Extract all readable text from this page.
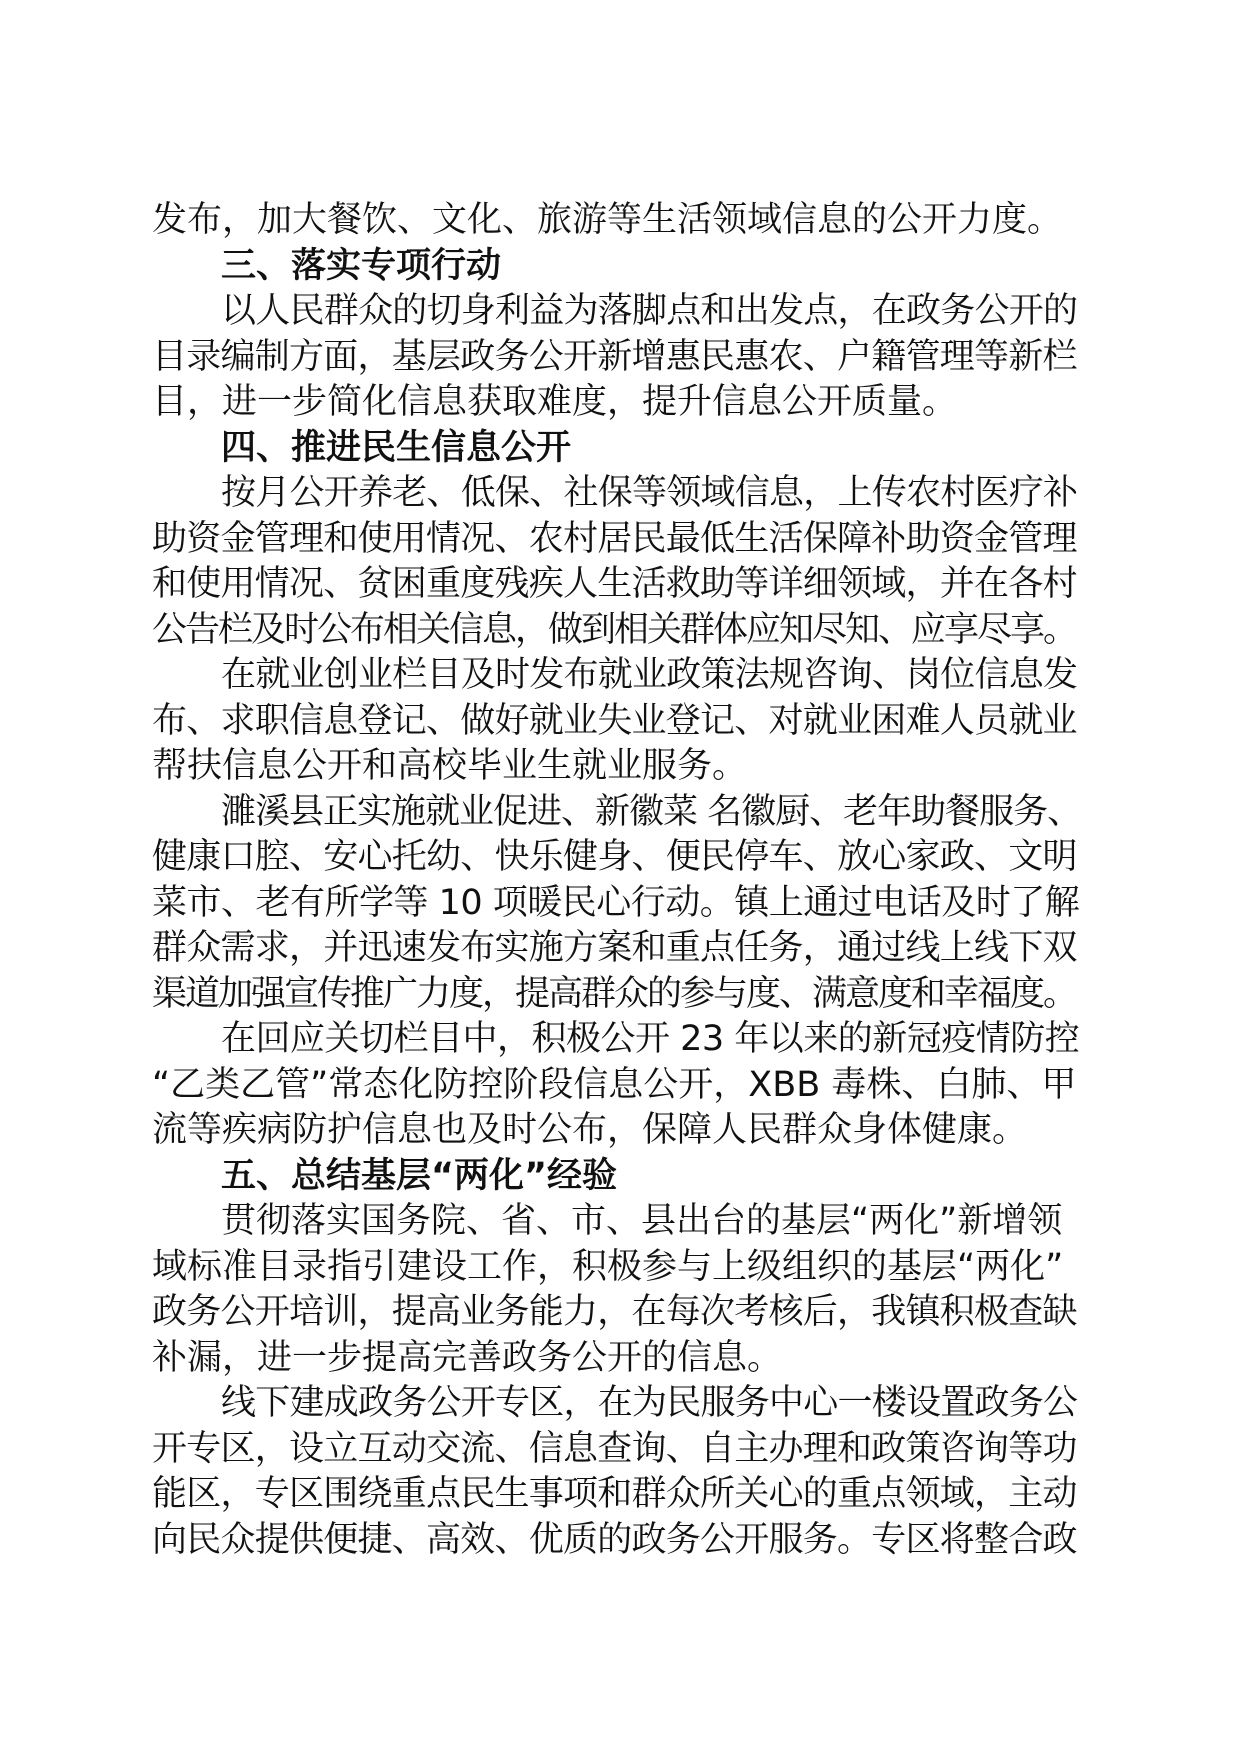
发布，加大餐饮、文化、旅游等生活领域信息的公开力度。
三、落实专项行动
以人民群众的切身利益为落脚点和出发点，在政务公开的
目录编制方面，基层政务公开新增惠民惠农、户籍管理等新栏
目，进一步简化信息获取难度，提升信息公开质量。
四、推进民生信息公开
按月公开养老、低保、社保等领域信息，上传农村医疗补
助资金管理和使用情况、农村居民最低生活保障补助资金管理
和使用情况、贫困重度残疾人生活救助等详细领域，并在各村
公告栏及时公布相关信息，做到相关群体应知尽知、应享尽享。
在就业创业栏目及时发布就业政策法规咨询、岗位信息发
布、求职信息登记、做好就业失业登记、对就业困难人员就业
帮扶信息公开和高校毕业生就业服务。
濉溪县正实施就业促进、新徽菜 名徽厨、老年助餐服务、
健康口腔、安心托幼、快乐健身、便民停车、放心家政、文明
菜市、老有所学等 10 项暖民心行动。镇上通过电话及时了解
群众需求，并迅速发布实施方案和重点任务，通过线上线下双
渠道加强宣传推广力度，提高群众的参与度、满意度和幸福度。
在回应关切栏目中，积极公开 23 年以来的新冠疫情防控
“乙类乙管”常态化防控阶段信息公开，XBB 毒株、白肺、甲
流等疾病防护信息也及时公布，保障人民群众身体健康。
五、总结基层“两化”经验
贯彻落实国务院、省、市、县出台的基层“两化”新增领
域标准目录指引建设工作，积极参与上级组织的基层“两化”
政务公开培训，提高业务能力，在每次考核后，我镇积极查缺
补漏，进一步提高完善政务公开的信息。
线下建成政务公开专区，在为民服务中心一楼设置政务公
开专区，设立互动交流、信息查询、自主办理和政策咨询等功
能区，专区围绕重点民生事项和群众所关心的重点领域，主动
向民众提供便捷、高效、优质的政务公开服务。专区将整合政
